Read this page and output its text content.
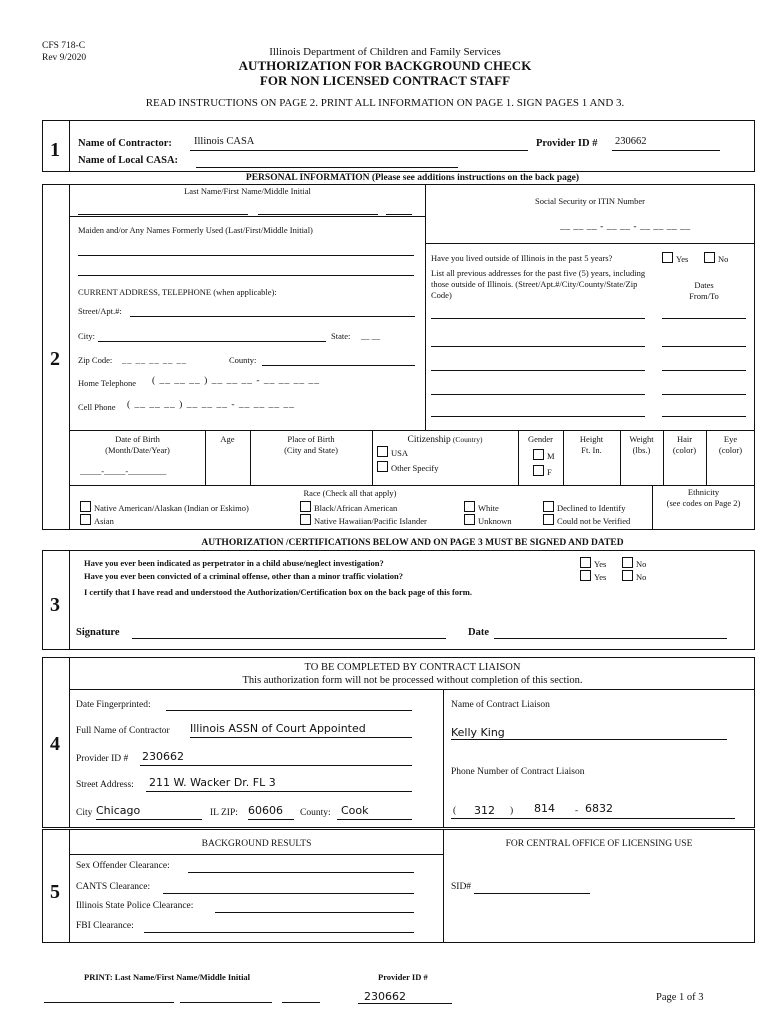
CFS 718-C
Rev 9/2020	Illinois Department of Children and Family Services
AUTHORIZATION FOR BACKGROUND CHECK
FOR NON LICENSED CONTRACT STAFF
READ INSTRUCTIONS ON PAGE 2. PRINT ALL INFORMATION ON PAGE 1. SIGN PAGES 1 AND 3.
1 Name of Contractor:	Illinois CASA	Provider ID # 230662
Name of Local CASA:
PERSONAL INFORMATION (Please see additions instructions on the back page)
2
Last Name/First Name/Middle Initial
Social Security or ITIN Number
__ __ __ - __ __ - __ __ __ __
Maiden and/or Any Names Formerly Used (Last/First/Middle Initial)
Have you lived outside of Illinois in the past 5 years?	Yes	No
List all previous addresses for the past five (5) years, including those outside of Illinois. (Street/Apt.#/City/County/State/Zip Code)
Dates
From/To
CURRENT ADDRESS, TELEPHONE (when applicable):
Street/Apt.#:
City:	State: __ __
Zip Code: __ __ __ __ __	County:
Home Telephone ( __ __ __ ) __ __ __ - __ __ __ __
Cell Phone ( __ __ __ ) __ __ __ - __ __ __ __
Date of Birth
(Month/Date/Year)
_____-_____-_________
Age	Place of Birth
(City and State)
Citizenship (Country)
USA
Other Specify
Gender
M
F
Height
Ft. In.
Weight
(lbs.)
Hair
(color)
Eye
(color)
Race (Check all that apply)
Native American/Alaskan (Indian or Eskimo)
Asian
Black/African American
Native Hawaiian/Pacific Islander
White
Unknown
Declined to Identify
Could not be Verified
Ethnicity
(see codes on Page 2)
AUTHORIZATION /CERTIFICATIONS BELOW AND ON PAGE 3 MUST BE SIGNED AND DATED
3
Have you ever been indicated as perpetrator in a child abuse/neglect investigation?
Have you ever been convicted of a criminal offense, other than a minor traffic violation?
Yes	No
Yes	No
I certify that I have read and understood the Authorization/Certification box on the back page of this form.
Signature	Date
4
TO BE COMPLETED BY CONTRACT LIAISON
This authorization form will not be processed without completion of this section.
Date Fingerprinted:
Full Name of Contractor Illinois ASSN of Court Appointed
Provider ID # 230662
Street Address: 211 W. Wacker Dr. FL 3
City Chicago	IL ZIP: 60606	County: Cook
Name of Contract Liaison
Kelly King
Phone Number of Contract Liaison
( 312 ) 814 - 6832
5
BACKGROUND RESULTS	FOR CENTRAL OFFICE OF LICENSING USE
Sex Offender Clearance:
CANTS Clearance:
Illinois State Police Clearance:
FBI Clearance:
SID#
PRINT: Last Name/First Name/Middle Initial	Provider ID #
230662	Page 1 of 3
